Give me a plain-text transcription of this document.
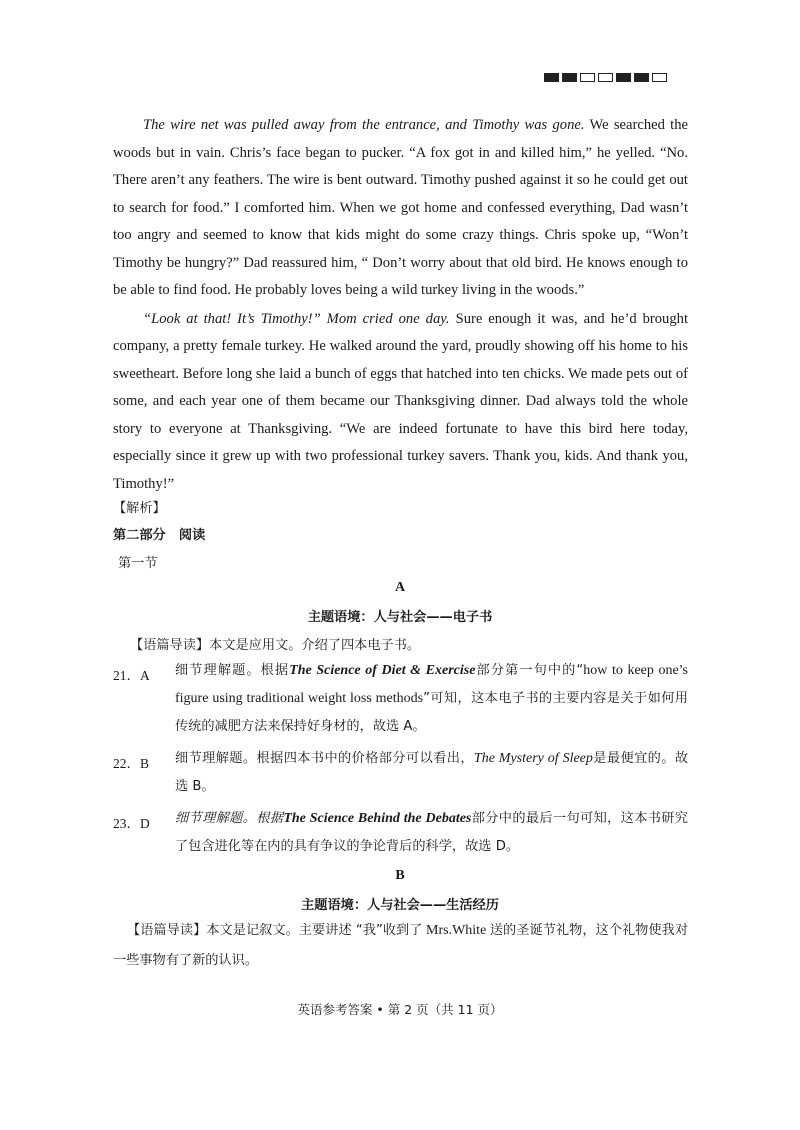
The wire net was pulled away from the entrance, and Timothy was gone. We searched the woods but in vain. Chris’s face began to pucker. “A fox got in and killed him,” he yelled. “No. There aren’t any feathers. The wire is bent outward. Timothy pushed against it so he could get out to search for food.” I comforted him. When we got home and confessed everything, Dad wasn’t too angry and seemed to know that kids might do some crazy things. Chris spoke up, “Won’t Timothy be hungry?” Dad reassured him, “ Don’t worry about that old bird. He knows enough to be able to find food. He probably loves being a wild turkey living in the woods.”

“Look at that! It’s Timothy!” Mom cried one day. Sure enough it was, and he’d brought company, a pretty female turkey. He walked around the yard, proudly showing off his home to his sweetheart. Before long she laid a bunch of eggs that hatched into ten chicks. We made pets out of some, and each year one of them became our Thanksgiving dinner. Dad always told the whole story to everyone at Thanksgiving. “We are indeed fortunate to have this bird here today, especially since it grew up with two professional turkey savers. Thank you, kids. And thank you, Timothy!”

【解析】
第二部分　阅读
第一节
A
主题语境：人与社会——电子书
【语篇导读】本文是应用文。介绍了四本电子书。
21．A 细节理解题。根据The Science of Diet & Exercise部分第一句中的“how to keep one’s figure using traditional weight loss methods”可知，这本电子书的主要内容是关于如何用传统的减肥方法来保持好身材的，故选 A。
22．B 细节理解题。根据四本书中的价格部分可以看出，The Mystery of Sleep是最便宜的。故选 B。
23．D 细节理解题。根据The Science Behind the Debates部分中的最后一句可知，这本书研究了包含进化等在内的具有争议的争论背后的科学，故选 D。
B
主题语境：人与社会——生活经历
【语篇导读】本文是记叙文。主要讲述 “我”收到了 Mrs.White 送的圣诞节礼物，这个礼物使我对一些事物有了新的认识。
英语参考答案 • 第 2 页（共 11 页）
